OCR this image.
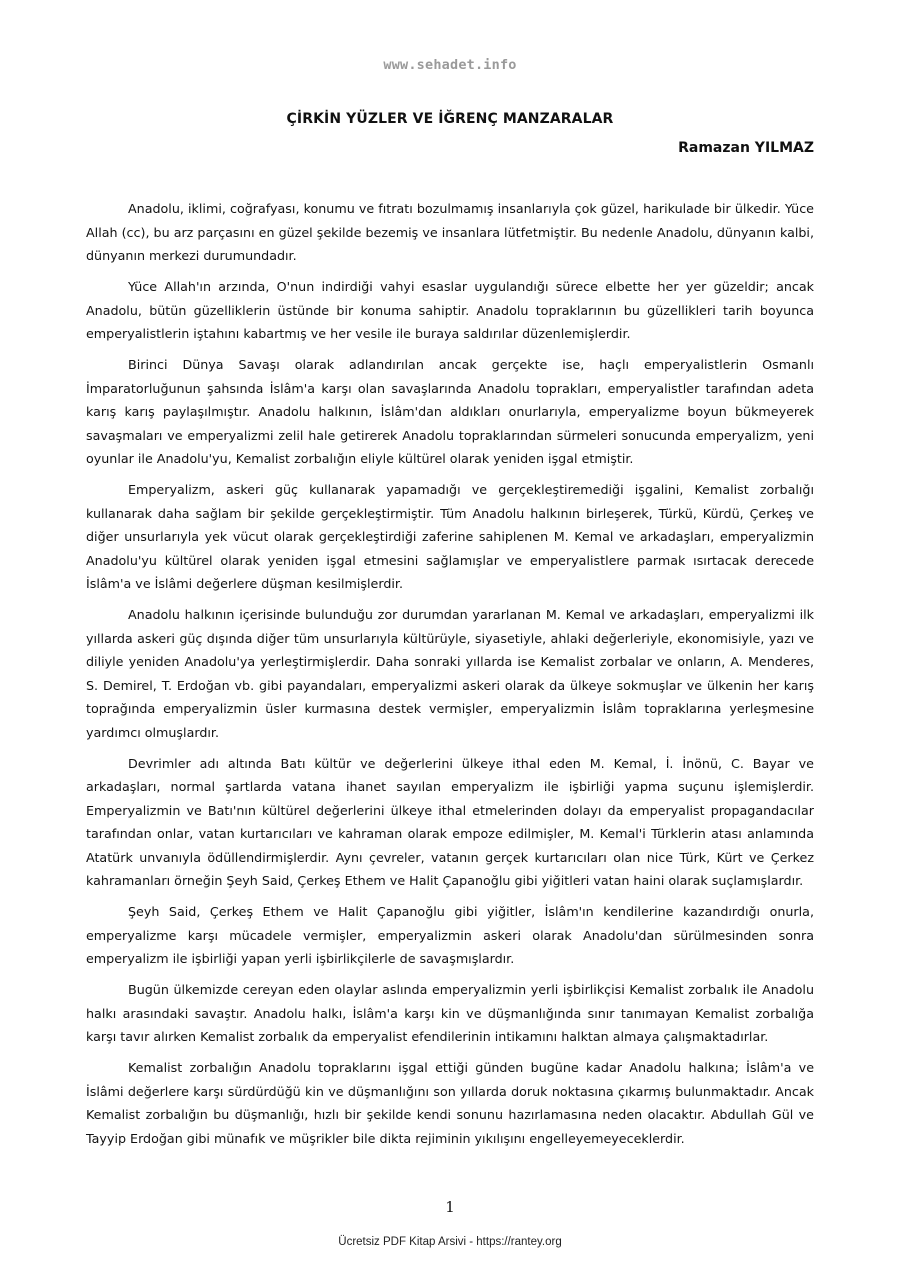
www.sehadet.info
ÇİRKİN YÜZLER VE İĞRENÇ MANZARALAR
Ramazan YILMAZ

Anadolu, iklimi, coğrafyası, konumu ve fıtratı bozulmamış insanlarıyla çok güzel, harikulade bir ülkedir. Yüce Allah (cc), bu arz parçasını en güzel şekilde bezemiş ve insanlara lütfetmiştir. Bu nedenle Anadolu, dünyanın kalbi, dünyanın merkezi durumundadır.

Yüce Allah'ın arzında, O'nun indirdiği vahyi esaslar uygulandığı sürece elbette her yer güzeldir; ancak Anadolu, bütün güzelliklerin üstünde bir konuma sahiptir. Anadolu topraklarının bu güzellikleri tarih boyunca emperyalistlerin iştahını kabartmış ve her vesile ile buraya saldırılar düzenlemişlerdir.

Birinci Dünya Savaşı olarak adlandırılan ancak gerçekte ise, haçlı emperyalistlerin Osmanlı İmparatorluğunun şahsında İslâm'a karşı olan savaşlarında Anadolu toprakları, emperyalistler tarafından adeta karış karış paylaşılmıştır. Anadolu halkının, İslâm'dan aldıkları onurlarıyla, emperyalizme boyun bükmeyerek savaşmaları ve emperyalizmi zelil hale getirerek Anadolu topraklarından sürmeleri sonucunda emperyalizm, yeni oyunlar ile Anadolu'yu, Kemalist zorbalığın eliyle kültürel olarak yeniden işgal etmiştir.

Emperyalizm, askeri güç kullanarak yapamadığı ve gerçekleştiremediği işgalini, Kemalist zorbalığı kullanarak daha sağlam bir şekilde gerçekleştirmiştir. Tüm Anadolu halkının birleşerek, Türkü, Kürdü, Çerkeş ve diğer unsurlarıyla yek vücut olarak gerçekleştirdiği zaferine sahiplenen M. Kemal ve arkadaşları, emperyalizmin Anadolu'yu kültürel olarak yeniden işgal etmesini sağlamışlar ve emperyalistlere parmak ısırtacak derecede İslâm'a ve İslâmi değerlere düşman kesilmişlerdir.

Anadolu halkının içerisinde bulunduğu zor durumdan yararlanan M. Kemal ve arkadaşları, emperyalizmi ilk yıllarda askeri güç dışında diğer tüm unsurlarıyla kültürüyle, siyasetiyle, ahlaki değerleriyle, ekonomisiyle, yazı ve diliyle yeniden Anadolu'ya yerleştirmişlerdir. Daha sonraki yıllarda ise Kemalist zorbalar ve onların, A. Menderes, S. Demirel, T. Erdoğan vb. gibi payandaları, emperyalizmi askeri olarak da ülkeye sokmuşlar ve ülkenin her karış toprağında emperyalizmin üsler kurmasına destek vermişler, emperyalizmin İslâm topraklarına yerleşmesine yardımcı olmuşlardır.

Devrimler adı altında Batı kültür ve değerlerini ülkeye ithal eden M. Kemal, İ. İnönü, C. Bayar ve arkadaşları, normal şartlarda vatana ihanet sayılan emperyalizm ile işbirliği yapma suçunu işlemişlerdir. Emperyalizmin ve Batı'nın kültürel değerlerini ülkeye ithal etmelerinden dolayı da emperyalist propagandacılar tarafından onlar, vatan kurtarıcıları ve kahraman olarak empoze edilmişler, M. Kemal'i Türklerin atası anlamında Atatürk unvanıyla ödüllendirmişlerdir. Aynı çevreler, vatanın gerçek kurtarıcıları olan nice Türk, Kürt ve Çerkez kahramanları örneğin Şeyh Said, Çerkeş Ethem ve Halit Çapanoğlu gibi yiğitleri vatan haini olarak suçlamışlardır.

Şeyh Said, Çerkeş Ethem ve Halit Çapanoğlu gibi yiğitler, İslâm'ın kendilerine kazandırdığı onurla, emperyalizme karşı mücadele vermişler, emperyalizmin askeri olarak Anadolu'dan sürülmesinden sonra emperyalizm ile işbirliği yapan yerli işbirlikçilerle de savaşmışlardır.

Bugün ülkemizde cereyan eden olaylar aslında emperyalizmin yerli işbirlikçisi Kemalist zorbalık ile Anadolu halkı arasındaki savaştır. Anadolu halkı, İslâm'a karşı kin ve düşmanlığında sınır tanımayan Kemalist zorbalığa karşı tavır alırken Kemalist zorbalık da emperyalist efendilerinin intikamını halktan almaya çalışmaktadırlar.

Kemalist zorbalığın Anadolu topraklarını işgal ettiği günden bugüne kadar Anadolu halkına; İslâm'a ve İslâmi değerlere karşı sürdürdüğü kin ve düşmanlığını son yıllarda doruk noktasına çıkarmış bulunmaktadır. Ancak Kemalist zorbalığın bu düşmanlığı, hızlı bir şekilde kendi sonunu hazırlamasına neden olacaktır. Abdullah Gül ve Tayyip Erdoğan gibi münafık ve müşrikler bile dikta rejiminin yıkılışını engelleyemeyeceklerdir.

1
Ücretsiz PDF Kitap Arsivi - https://rantey.org
